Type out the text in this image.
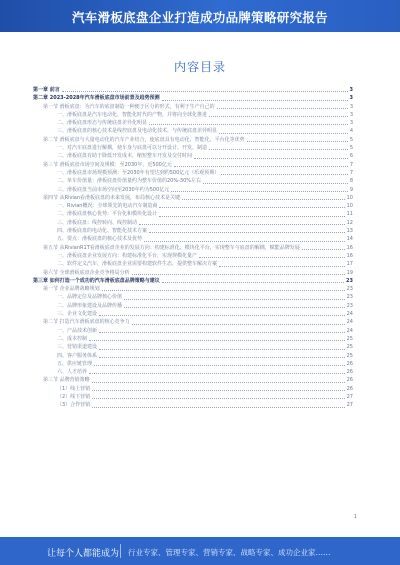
汽车滑板底盘企业打造成功品牌策略研究报告
内容目录
第一章 前言	3
第二章 2023-2028年汽车滑板底盘市场前景及趋势预测	3
第一节 滑板底盘：为汽车的底盘制造一种便于区分的形式，有利于生产自己的	3
一、滑板底盘是汽车电动化、智能化时代的产物，并将向全球化推进	3
二、滑板底盘形态与传统底盘差异化明显	3
三、滑板底盘的核心技术是线控底盘及电动化技术，与传统底盘差异明显	4
第二节 滑板底盘与大量电动化的汽车产业结合，使底盘具有电动化、智能化、平台化等优势	5
一、对汽车底盘进行解耦，使车身与底盘可以分开设计、开发、制造	5
二、滑板底盘有助于降低开发成本，缩短整车开发及交付时间	6
第三节 滑板底盘市场空间及规模：至2030年，近500亿元	7
一、滑板底盘市场规模预测：至2030年有望达到约500亿元（乐观预期）	7
二、单车价值量：滑板底盘价值量约为整车价值的20%-30%左右	8
三、滑板底盘当前市场空间至2030年约为500亿元	9
第四节 从Rivian看滑板底盘的未来发展，布局核心技术是关键	10
一、Rivian概况：全球领先的电动汽车制造商	10
二、滑板底盘核心优势：平台化和模块化设计	11
三、滑板底盘：线控转向、线控制动	12
四、滑板底盘的电动化、智能化技术方案	13
五、要点：滑板底盘的核心技术及优势	14
第五节 从RivianR1T看滑板底盘企业的发展方向：构建标准化、模块化平台，实现整车与底盘的解耦，赋能品牌发展	16
一、滑板底盘企业发展方向：构建标准化平台，实现规模化量产	16
二、软件定义汽车，滑板底盘企业需要构建软件生态，提供整车解决方案	17
第六节 全球滑板底盘企业竞争格局分析	19
第三章 如何打造一个成功的汽车滑板底盘品牌策略与建议	23
第一节 企业品牌战略规划	23
一、品牌定位及品牌核心价值	23
二、品牌形象建设及品牌传播	23
三、企业文化建设	24
第二节 打造汽车滑板底盘的核心竞争力	24
一、产品技术创新	24
二、成本控制	25
三、营销渠道建设	25
四、客户服务体系	25
五、供应链管理	26
六、人才培养	26
第三节 品牌营销策略	26
（1）线上营销	26
（2）线下营销	27
（3）合作营销	27
1
让每个人都能成为 行业专家、管理专家、营销专家、战略专家、成功企业家……
